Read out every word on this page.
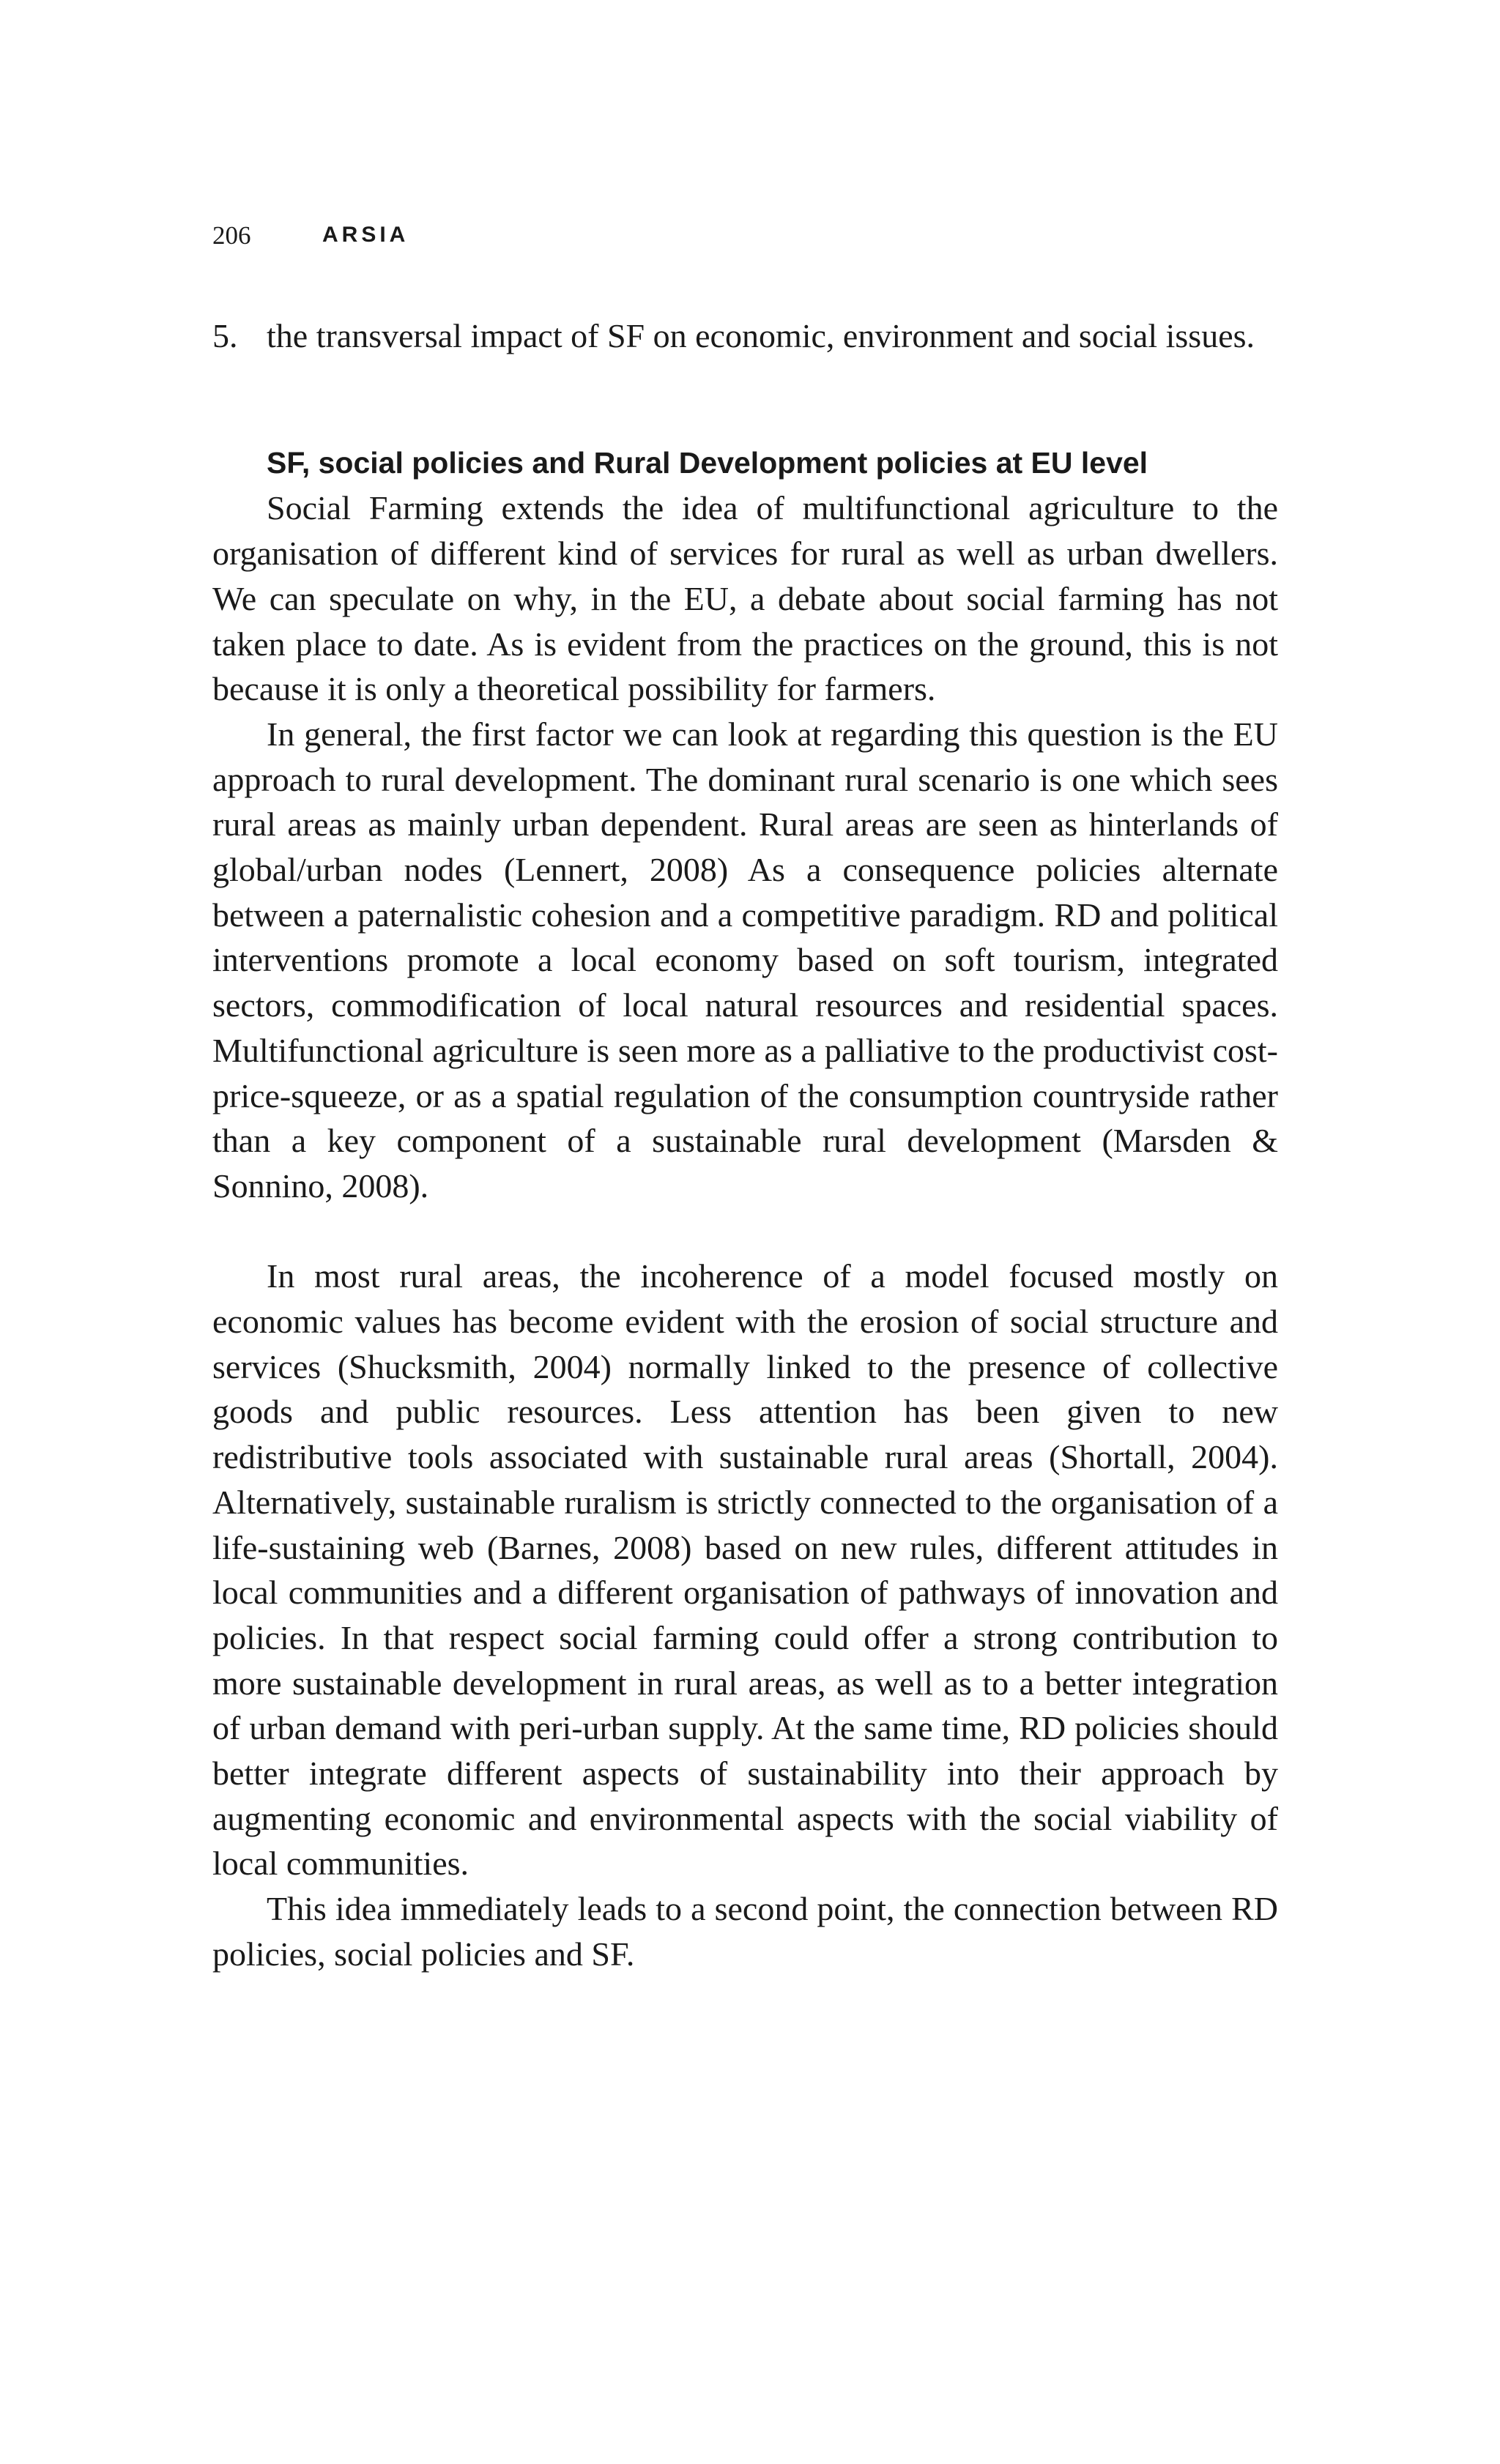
206	ARSIA
5. the transversal impact of SF on economic, environment and social issues.
SF, social policies and Rural Development policies at EU level

Social Farming extends the idea of multifunctional agriculture to the organisation of different kind of services for rural as well as urban dwellers. We can speculate on why, in the EU, a debate about social farming has not taken place to date. As is evident from the practices on the ground, this is not because it is only a theoretical possibility for farmers.

In general, the first factor we can look at regarding this question is the EU approach to rural development. The dominant rural scenario is one which sees rural areas as mainly urban dependent. Rural areas are seen as hinterlands of global/urban nodes (Lennert, 2008) As a consequence policies alternate between a paternalistic cohesion and a competitive paradigm. RD and political interventions promote a local economy based on soft tourism, integrated sectors, commodification of local natural resources and residential spaces. Multifunctional agriculture is seen more as a palliative to the productivist cost-price-squeeze, or as a spatial regulation of the consumption countryside rather than a key component of a sustainable rural development (Marsden & Sonnino, 2008).

In most rural areas, the incoherence of a model focused mostly on economic values has become evident with the erosion of social structure and services (Shucksmith, 2004) normally linked to the presence of collective goods and public resources. Less attention has been given to new redistributive tools associated with sustainable rural areas (Shortall, 2004). Alternatively, sustainable ruralism is strictly connected to the organisation of a life-sustaining web (Barnes, 2008) based on new rules, different attitudes in local communities and a different organisation of pathways of innovation and policies. In that respect social farming could offer a strong contribution to more sustainable development in rural areas, as well as to a better integration of urban demand with peri-urban supply. At the same time, RD policies should better integrate different aspects of sustainability into their approach by augmenting economic and environmental aspects with the social viability of local communities.

This idea immediately leads to a second point, the connection between RD policies, social policies and SF.
